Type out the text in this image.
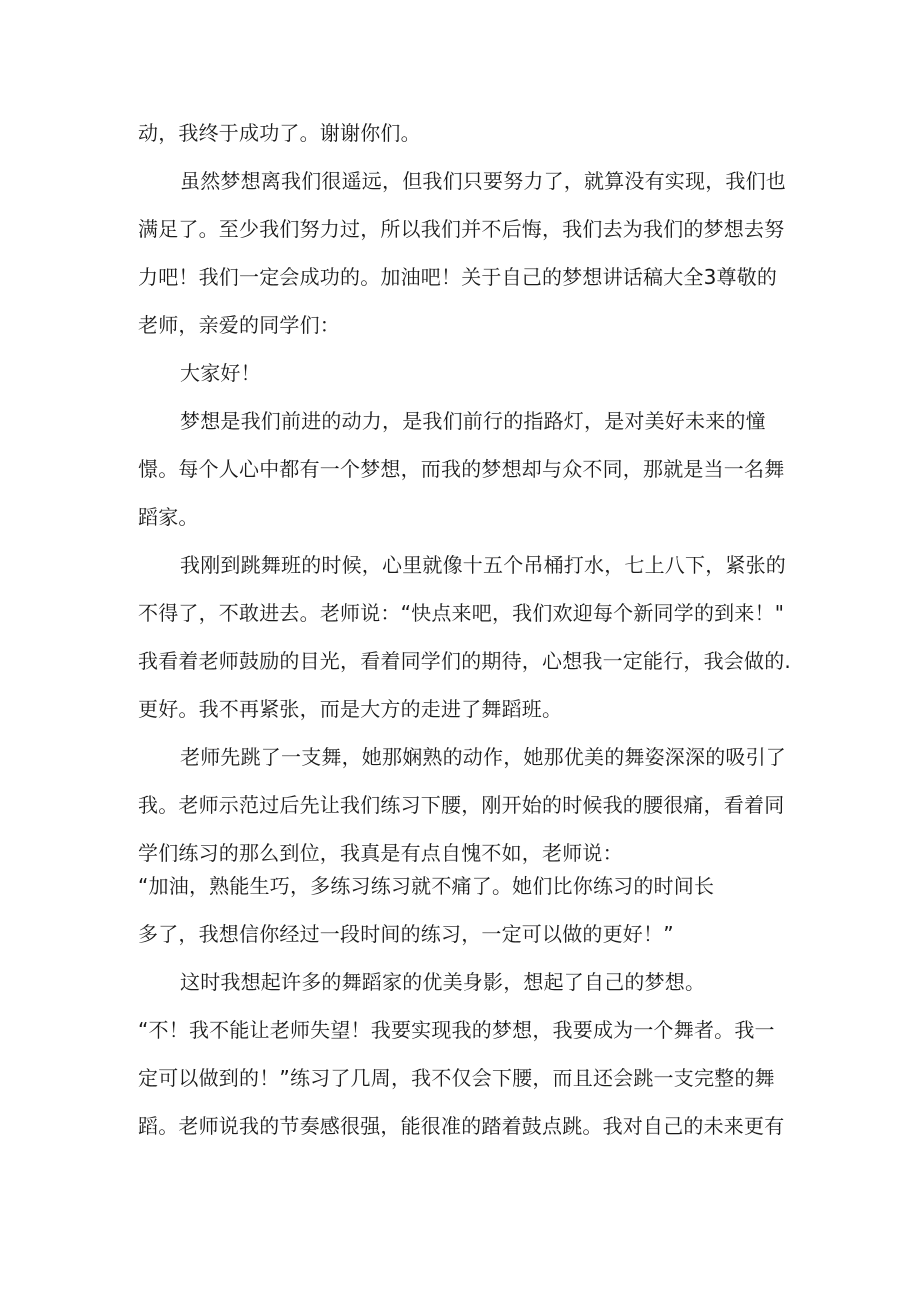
动，我终于成功了。谢谢你们。
虽然梦想离我们很遥远，但我们只要努力了，就算没有实现，我们也
满足了。至少我们努力过，所以我们并不后悔，我们去为我们的梦想去努
力吧！我们一定会成功的。加油吧！关于自己的梦想讲话稿大全3尊敬的
老师，亲爱的同学们：
大家好！
梦想是我们前进的动力，是我们前行的指路灯，是对美好未来的憧
憬。每个人心中都有一个梦想，而我的梦想却与众不同，那就是当一名舞
蹈家。
我刚到跳舞班的时候，心里就像十五个吊桶打水，七上八下，紧张的
不得了，不敢进去。老师说：“快点来吧，我们欢迎每个新同学的到来！"
我看着老师鼓励的目光，看着同学们的期待，心想我一定能行，我会做的.
更好。我不再紧张，而是大方的走进了舞蹈班。
老师先跳了一支舞，她那娴熟的动作，她那优美的舞姿深深的吸引了
我。老师示范过后先让我们练习下腰，刚开始的时候我的腰很痛，看着同
学们练习的那么到位，我真是有点自愧不如，老师说：
“加油，熟能生巧，多练习练习就不痛了。她们比你练习的时间长
多了，我想信你经过一段时间的练习，一定可以做的更好！”
这时我想起许多的舞蹈家的优美身影，想起了自己的梦想。
“不！我不能让老师失望！我要实现我的梦想，我要成为一个舞者。我一
定可以做到的！”练习了几周，我不仅会下腰，而且还会跳一支完整的舞
蹈。老师说我的节奏感很强，能很准的踏着鼓点跳。我对自己的未来更有
